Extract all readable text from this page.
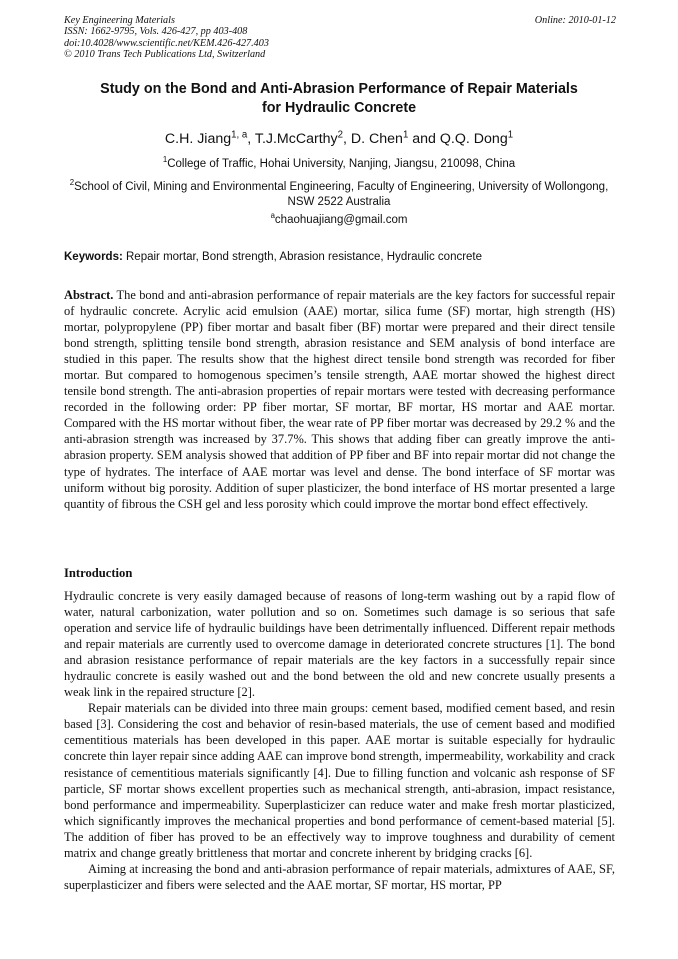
Key Engineering Materials
ISSN: 1662-9795, Vols. 426-427, pp 403-408
doi:10.4028/www.scientific.net/KEM.426-427.403
© 2010 Trans Tech Publications Ltd, Switzerland
Online: 2010-01-12
Study on the Bond and Anti-Abrasion Performance of Repair Materials
for Hydraulic Concrete
C.H. Jiang$^{1, a}$, T.J.McCarthy$^2$, D. Chen$^1$ and Q.Q. Dong$^1$
$^1$College of Traffic, Hohai University, Nanjing, Jiangsu, 210098, China
$^2$School of Civil, Mining and Environmental Engineering, Faculty of Engineering, University of Wollongong, NSW 2522 Australia
$^a$chaohuajiang@gmail.com
Keywords: Repair mortar, Bond strength, Abrasion resistance, Hydraulic concrete
Abstract. The bond and anti-abrasion performance of repair materials are the key factors for successful repair of hydraulic concrete. Acrylic acid emulsion (AAE) mortar, silica fume (SF) mortar, high strength (HS) mortar, polypropylene (PP) fiber mortar and basalt fiber (BF) mortar were prepared and their direct tensile bond strength, splitting tensile bond strength, abrasion resistance and SEM analysis of bond interface are studied in this paper. The results show that the highest direct tensile bond strength was recorded for fiber mortar. But compared to homogenous specimen’s tensile strength, AAE mortar showed the highest direct tensile bond strength. The anti-abrasion properties of repair mortars were tested with decreasing performance recorded in the following order: PP fiber mortar, SF mortar, BF mortar, HS mortar and AAE mortar. Compared with the HS mortar without fiber, the wear rate of PP fiber mortar was decreased by 29.2 % and the anti-abrasion strength was increased by 37.7%. This shows that adding fiber can greatly improve the anti-abrasion property. SEM analysis showed that addition of PP fiber and BF into repair mortar did not change the type of hydrates. The interface of AAE mortar was level and dense. The bond interface of SF mortar was uniform without big porosity. Addition of super plasticizer, the bond interface of HS mortar presented a large quantity of fibrous the CSH gel and less porosity which could improve the mortar bond effect effectively.
Introduction

Hydraulic concrete is very easily damaged because of reasons of long-term washing out by a rapid flow of water, natural carbonization, water pollution and so on. Sometimes such damage is so serious that safe operation and service life of hydraulic buildings have been detrimentally influenced. Different repair methods and repair materials are currently used to overcome damage in deteriorated concrete structures [1]. The bond and abrasion resistance performance of repair materials are the key factors in a successfully repair since hydraulic concrete is easily washed out and the bond between the old and new concrete usually presents a weak link in the repaired structure [2].

Repair materials can be divided into three main groups: cement based, modified cement based, and resin based [3]. Considering the cost and behavior of resin-based materials, the use of cement based and modified cementitious materials has been developed in this paper. AAE mortar is suitable especially for hydraulic concrete thin layer repair since adding AAE can improve bond strength, impermeability, workability and crack resistance of cementitious materials significantly [4]. Due to filling function and volcanic ash response of SF particle, SF mortar shows excellent properties such as mechanical strength, anti-abrasion, impact resistance, bond performance and impermeability. Superplasticizer can reduce water and make fresh mortar plasticized, which significantly improves the mechanical properties and bond performance of cement-based material [5]. The addition of fiber has proved to be an effectively way to improve toughness and durability of cement matrix and change greatly brittleness that mortar and concrete inherent by bridging cracks [6].

Aiming at increasing the bond and anti-abrasion performance of repair materials, admixtures of AAE, SF, superplasticizer and fibers were selected and the AAE mortar, SF mortar, HS mortar, PP
